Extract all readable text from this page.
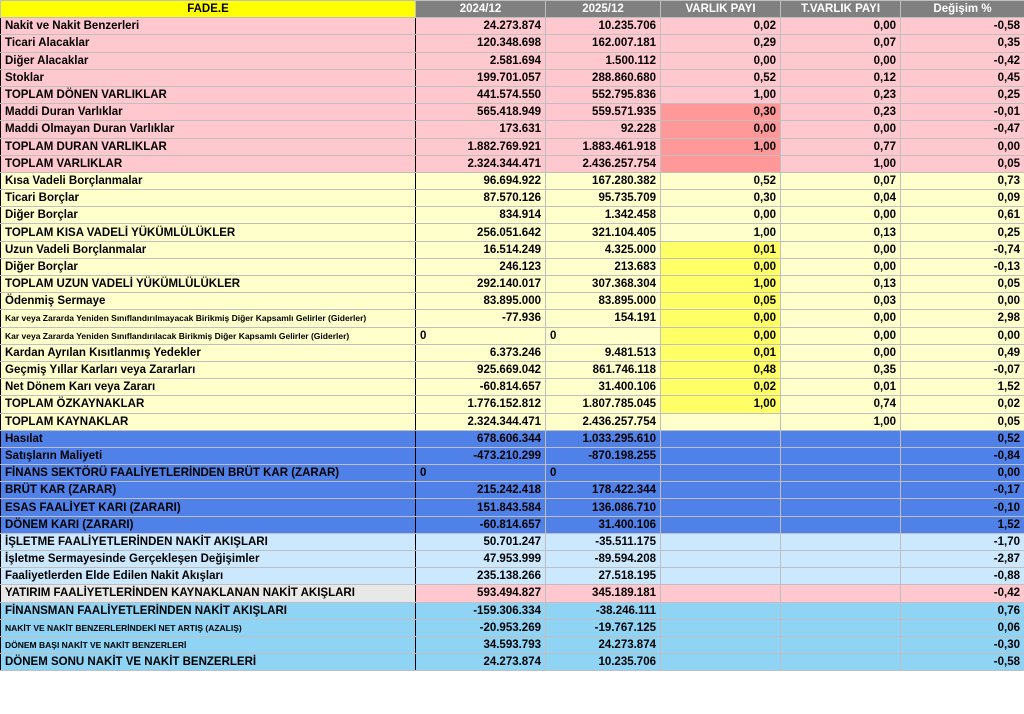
FADE.E	2024/12	2025/12	VARLIK PAYI	T.VARLIK PAYI	Değişim %
Nakit ve Nakit Benzerleri	24.273.874	10.235.706	0,02	0,00	-0,58
Ticari Alacaklar	120.348.698	162.007.181	0,29	0,07	0,35
Diğer Alacaklar	2.581.694	1.500.112	0,00	0,00	-0,42
Stoklar	199.701.057	288.860.680	0,52	0,12	0,45
TOPLAM DÖNEN VARLIKLAR	441.574.550	552.795.836	1,00	0,23	0,25
Maddi Duran Varlıklar	565.418.949	559.571.935	0,30	0,23	-0,01
Maddi Olmayan Duran Varlıklar	173.631	92.228	0,00	0,00	-0,47
TOPLAM DURAN VARLIKLAR	1.882.769.921	1.883.461.918	1,00	0,77	0,00
TOPLAM VARLIKLAR	2.324.344.471	2.436.257.754		1,00	0,05
Kısa Vadeli Borçlanmalar	96.694.922	167.280.382	0,52	0,07	0,73
Ticari Borçlar	87.570.126	95.735.709	0,30	0,04	0,09
Diğer Borçlar	834.914	1.342.458	0,00	0,00	0,61
TOPLAM KISA VADELİ YÜKÜMLÜLÜKLER	256.051.642	321.104.405	1,00	0,13	0,25
Uzun Vadeli Borçlanmalar	16.514.249	4.325.000	0,01	0,00	-0,74
Diğer Borçlar	246.123	213.683	0,00	0,00	-0,13
TOPLAM UZUN VADELİ YÜKÜMLÜLÜKLER	292.140.017	307.368.304	1,00	0,13	0,05
Ödenmiş Sermaye	83.895.000	83.895.000	0,05	0,03	0,00
Kar veya Zararda Yeniden Sınıflandırılmayacak Birikmiş Diğer Kapsamlı Gelirler (Giderler)	-77.936	154.191	0,00	0,00	2,98
Kar veya Zararda Yeniden Sınıflandırılacak Birikmiş Diğer Kapsamlı Gelirler (Giderler)	0	0	0,00	0,00	0,00
Kardan Ayrılan Kısıtlanmış Yedekler	6.373.246	9.481.513	0,01	0,00	0,49
Geçmiş Yıllar Karları veya Zararları	925.669.042	861.746.118	0,48	0,35	-0,07
Net Dönem Karı veya Zararı	-60.814.657	31.400.106	0,02	0,01	1,52
TOPLAM ÖZKAYNAKLAR	1.776.152.812	1.807.785.045	1,00	0,74	0,02
TOPLAM KAYNAKLAR	2.324.344.471	2.436.257.754		1,00	0,05
Hasılat	678.606.344	1.033.295.610			0,52
Satışların Maliyeti	-473.210.299	-870.198.255			-0,84
FİNANS SEKTÖRÜ FAALİYETLERİNDEN BRÜT KAR (ZARAR)	0	0			0,00
BRÜT KAR (ZARAR)	215.242.418	178.422.344			-0,17
ESAS FAALİYET KARI (ZARARI)	151.843.584	136.086.710			-0,10
DÖNEM KARI (ZARARI)	-60.814.657	31.400.106			1,52
İŞLETME FAALİYETLERİNDEN NAKİT AKIŞLARI	50.701.247	-35.511.175			-1,70
İşletme Sermayesinde Gerçekleşen Değişimler	47.953.999	-89.594.208			-2,87
Faaliyetlerden Elde Edilen Nakit Akışları	235.138.266	27.518.195			-0,88
YATIRIM FAALİYETLERİNDEN KAYNAKLANAN NAKİT AKIŞLARI	593.494.827	345.189.181			-0,42
FİNANSMAN FAALİYETLERİNDEN NAKİT AKIŞLARI	-159.306.334	-38.246.111			0,76
NAKİT VE NAKİT BENZERLERİNDEKİ NET ARTIŞ (AZALIŞ)	-20.953.269	-19.767.125			0,06
DÖNEM BAŞI NAKİT VE NAKİT BENZERLERİ	34.593.793	24.273.874			-0,30
DÖNEM SONU NAKİT VE NAKİT BENZERLERİ	24.273.874	10.235.706			-0,58
